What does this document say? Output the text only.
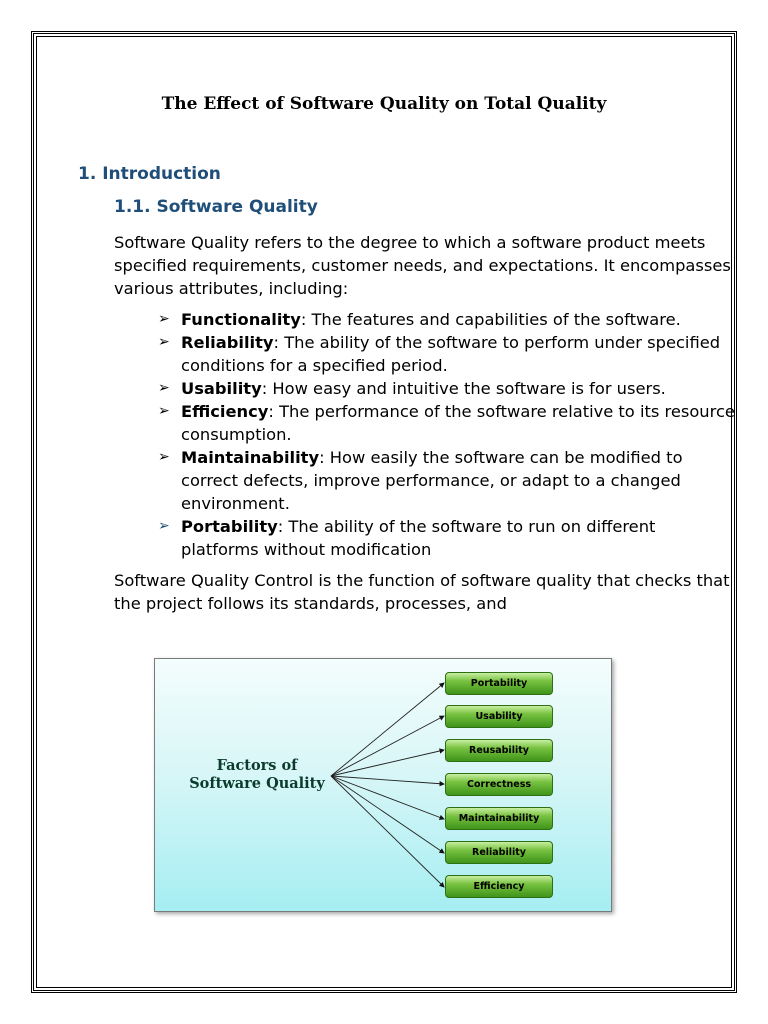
The Effect of Software Quality on Total Quality
1. Introduction
1.1. Software Quality

Software Quality refers to the degree to which a software product meets specified requirements, customer needs, and expectations. It encompasses various attributes, including:

➢ Functionality: The features and capabilities of the software.
➢ Reliability: The ability of the software to perform under specified conditions for a specified period.
➢ Usability: How easy and intuitive the software is for users.
➢ Efficiency: The performance of the software relative to its resource consumption.
➢ Maintainability: How easily the software can be modified to correct defects, improve performance, or adapt to a changed environment.
➢ Portability: The ability of the software to run on different platforms without modification

Software Quality Control is the function of software quality that checks that the project follows its standards, processes, and

Factors of
Software Quality
Portability
Usability
Reusability
Correctness
Maintainability
Reliability
Efficiency
